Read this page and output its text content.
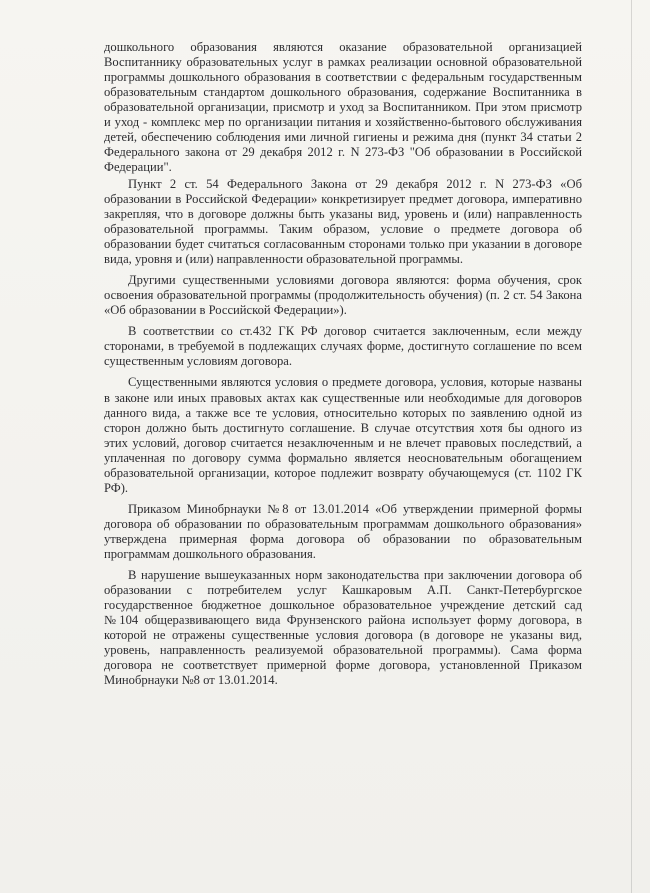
дошкольного образования являются оказание образовательной организацией Воспитаннику образовательных услуг в рамках реализации основной образовательной программы дошкольного образования в соответствии с федеральным государственным образовательным стандартом дошкольного образования, содержание Воспитанника в образовательной организации, присмотр и уход за Воспитанником. При этом присмотр и уход - комплекс мер по организации питания и хозяйственно-бытового обслуживания детей, обеспечению соблюдения ими личной гигиены и режима дня (пункт 34 статьи 2 Федерального закона от 29 декабря 2012 г. N 273-ФЗ "Об образовании в Российской Федерации".

Пункт 2 ст. 54 Федерального Закона от 29 декабря 2012 г. N 273-ФЗ «Об образовании в Российской Федерации» конкретизирует предмет договора, императивно закрепляя, что в договоре должны быть указаны вид, уровень и (или) направленность образовательной программы. Таким образом, условие о предмете договора об образовании будет считаться согласованным сторонами только при указании в договоре вида, уровня и (или) направленности образовательной программы.

Другими существенными условиями договора являются: форма обучения, срок освоения образовательной программы (продолжительность обучения) (п. 2 ст. 54 Закона «Об образовании в Российской Федерации»).

В соответствии со ст.432 ГК РФ договор считается заключенным, если между сторонами, в требуемой в подлежащих случаях форме, достигнуто соглашение по всем существенным условиям договора.

Существенными являются условия о предмете договора, условия, которые названы в законе или иных правовых актах как существенные или необходимые для договоров данного вида, а также все те условия, относительно которых по заявлению одной из сторон должно быть достигнуто соглашение. В случае отсутствия хотя бы одного из этих условий, договор считается незаключенным и не влечет правовых последствий, а уплаченная по договору сумма формально является неосновательным обогащением образовательной организации, которое подлежит возврату обучающемуся (ст. 1102 ГК РФ).

Приказом Минобрнауки №8 от 13.01.2014 «Об утверждении примерной формы договора об образовании по образовательным программам дошкольного образования» утверждена примерная форма договора об образовании по образовательным программам дошкольного образования.

В нарушение вышеуказанных норм законодательства при заключении договора об образовании с потребителем услуг Кашкаровым А.П. Санкт-Петербургское государственное бюджетное дошкольное образовательное учреждение детский сад №104 общеразвивающего вида Фрунзенского района использует форму договора, в которой не отражены существенные условия договора (в договоре не указаны вид, уровень, направленность реализуемой образовательной программы). Сама форма договора не соответствует примерной форме договора, установленной Приказом Минобрнауки №8 от 13.01.2014.
